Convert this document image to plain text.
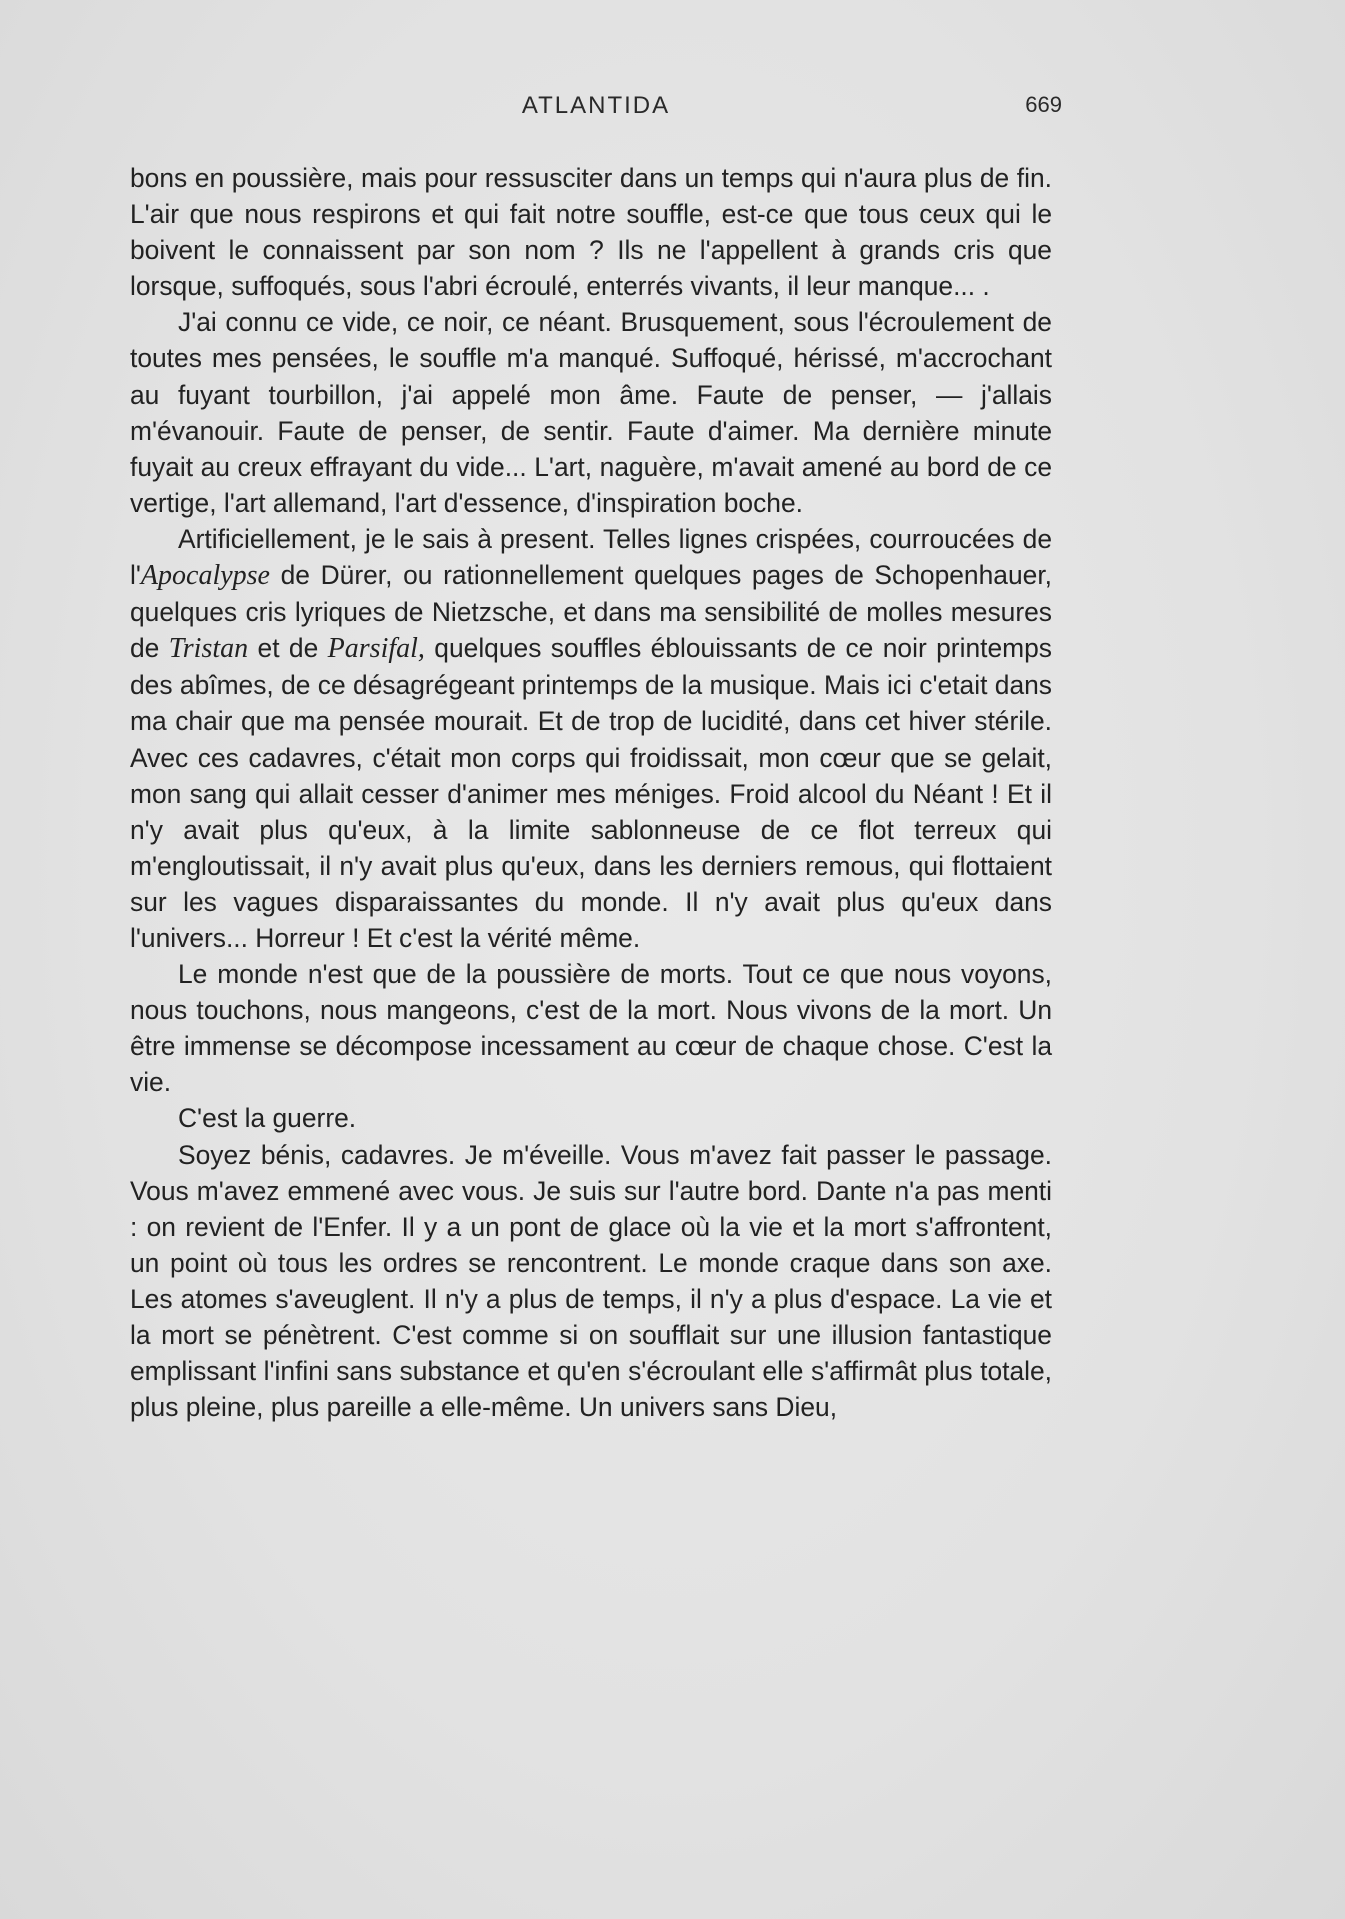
ATLANTIDA	669

bons en poussière, mais pour ressusciter dans un temps qui n'aura plus de fin. L'air que nous respirons et qui fait notre souffle, est-ce que tous ceux qui le boivent le connaissent par son nom ? Ils ne l'appellent à grands cris que lorsque, suffoqués, sous l'abri écroulé, enterrés vivants, il leur manque... .

J'ai connu ce vide, ce noir, ce néant. Brusquement, sous l'écroulement de toutes mes pensées, le souffle m'a manqué. Suffoqué, hérissé, m'accrochant au fuyant tourbillon, j'ai appelé mon âme. Faute de penser, — j'allais m'évanouir. Faute de penser, de sentir. Faute d'aimer. Ma dernière minute fuyait au creux effrayant du vide... L'art, naguère, m'avait amené au bord de ce vertige, l'art allemand, l'art d'essence, d'inspiration boche.

Artificiellement, je le sais à present. Telles lignes crispées, courroucées de l'Apocalypse de Dürer, ou rationnellement quelques pages de Schopenhauer, quelques cris lyriques de Nietzsche, et dans ma sensibilité de molles mesures de Tristan et de Parsifal, quelques souffles éblouissants de ce noir printemps des abîmes, de ce désagrégeant printemps de la musique. Mais ici c'etait dans ma chair que ma pensée mourait. Et de trop de lucidité, dans cet hiver stérile. Avec ces cadavres, c'était mon corps qui froidissait, mon cœur que se gelait, mon sang qui allait cesser d'animer mes méniges. Froid alcool du Néant ! Et il n'y avait plus qu'eux, à la limite sablonneuse de ce flot terreux qui m'engloutissait, il n'y avait plus qu'eux, dans les derniers remous, qui flottaient sur les vagues disparaissantes du monde. Il n'y avait plus qu'eux dans l'univers... Horreur ! Et c'est la vérité même.

Le monde n'est que de la poussière de morts. Tout ce que nous voyons, nous touchons, nous mangeons, c'est de la mort. Nous vivons de la mort. Un être immense se décompose incessament au cœur de chaque chose. C'est la vie.

C'est la guerre.

Soyez bénis, cadavres. Je m'éveille. Vous m'avez fait passer le passage. Vous m'avez emmené avec vous. Je suis sur l'autre bord. Dante n'a pas menti : on revient de l'Enfer. Il y a un pont de glace où la vie et la mort s'affrontent, un point où tous les ordres se rencontrent. Le monde craque dans son axe. Les atomes s'aveuglent. Il n'y a plus de temps, il n'y a plus d'espace. La vie et la mort se pénètrent. C'est comme si on soufflait sur une illusion fantastique emplissant l'infini sans substance et qu'en s'écroulant elle s'affirmât plus totale, plus pleine, plus pareille a elle-même. Un univers sans Dieu,
